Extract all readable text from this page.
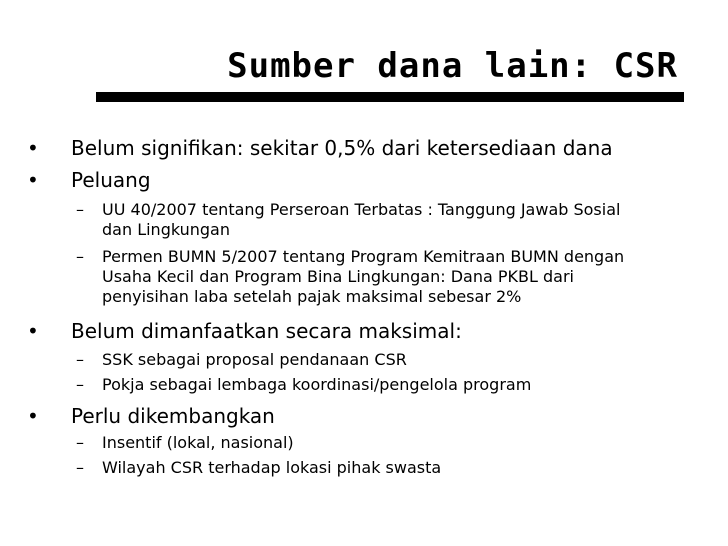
Sumber dana lain: CSR
• Belum signifikan: sekitar 0,5% dari ketersediaan dana
• Peluang
– UU 40/2007 tentang Perseroan Terbatas : Tanggung Jawab Sosial
dan Lingkungan
– Permen BUMN 5/2007 tentang Program Kemitraan BUMN dengan
Usaha Kecil dan Program Bina Lingkungan: Dana PKBL dari
penyisihan laba setelah pajak maksimal sebesar 2%
• Belum dimanfaatkan secara maksimal:
– SSK sebagai proposal pendanaan CSR
– Pokja sebagai lembaga koordinasi/pengelola program
• Perlu dikembangkan
– Insentif (lokal, nasional)
– Wilayah CSR terhadap lokasi pihak swasta
